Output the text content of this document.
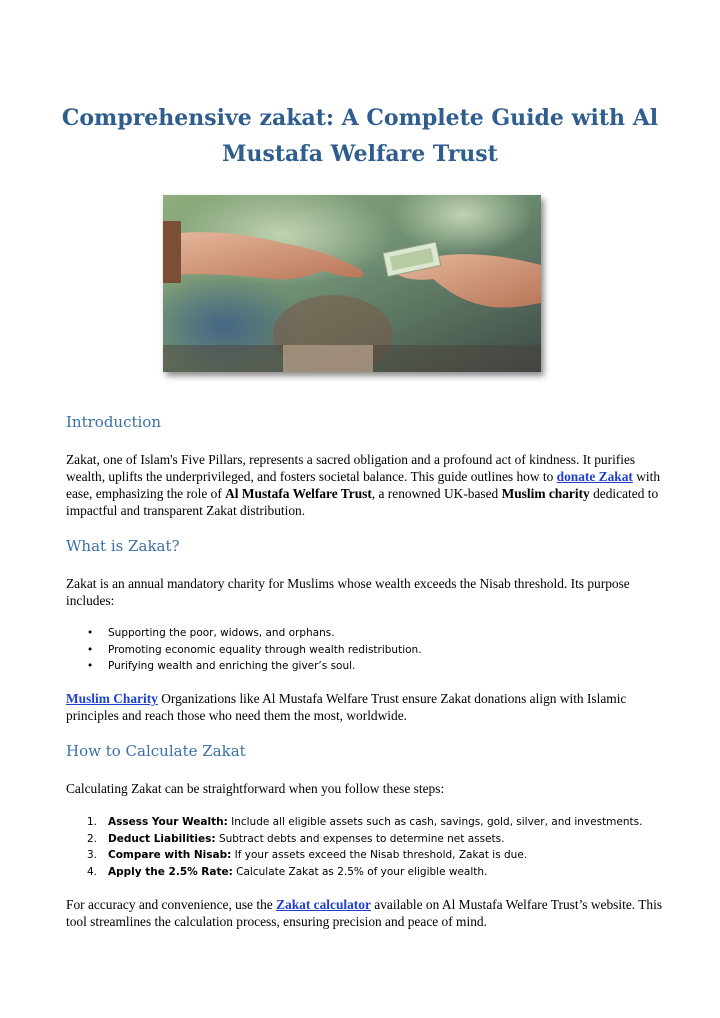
Comprehensive zakat: A Complete Guide with Al Mustafa Welfare Trust
Introduction

Zakat, one of Islam's Five Pillars, represents a sacred obligation and a profound act of kindness. It purifies wealth, uplifts the underprivileged, and fosters societal balance. This guide outlines how to donate Zakat with ease, emphasizing the role of Al Mustafa Welfare Trust, a renowned UK-based Muslim charity dedicated to impactful and transparent Zakat distribution.

What is Zakat?

Zakat is an annual mandatory charity for Muslims whose wealth exceeds the Nisab threshold. Its purpose includes:

• Supporting the poor, widows, and orphans.
• Promoting economic equality through wealth redistribution.
• Purifying wealth and enriching the giver’s soul.

Muslim Charity Organizations like Al Mustafa Welfare Trust ensure Zakat donations align with Islamic principles and reach those who need them the most, worldwide.

How to Calculate Zakat

Calculating Zakat can be straightforward when you follow these steps:

1. Assess Your Wealth: Include all eligible assets such as cash, savings, gold, silver, and investments.
2. Deduct Liabilities: Subtract debts and expenses to determine net assets.
3. Compare with Nisab: If your assets exceed the Nisab threshold, Zakat is due.
4. Apply the 2.5% Rate: Calculate Zakat as 2.5% of your eligible wealth.

For accuracy and convenience, use the Zakat calculator available on Al Mustafa Welfare Trust’s website. This tool streamlines the calculation process, ensuring precision and peace of mind.
